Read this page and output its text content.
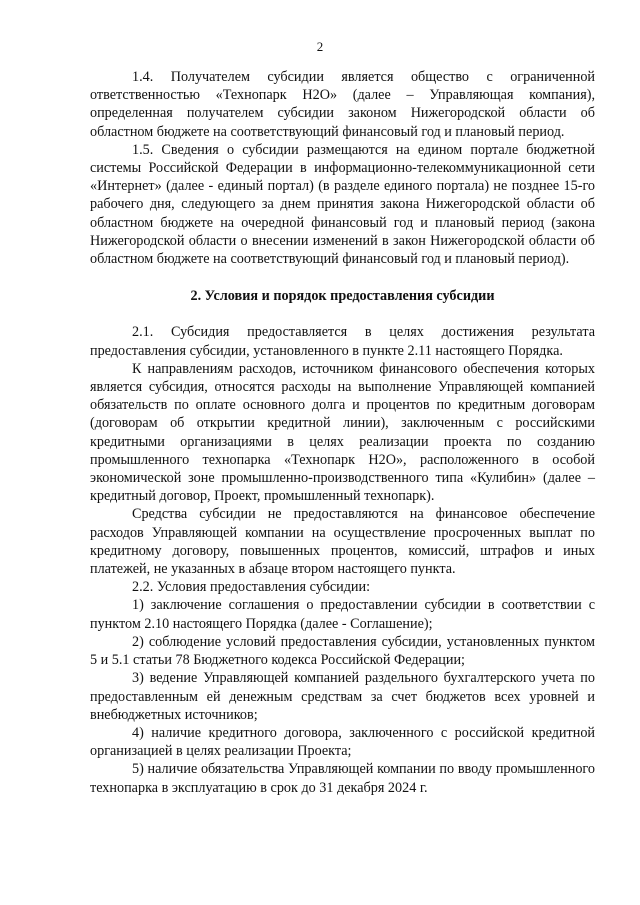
2

1.4. Получателем субсидии является общество с ограниченной ответственностью «Технопарк Н2О» (далее – Управляющая компания), определенная получателем субсидии законом Нижегородской области об областном бюджете на соответствующий финансовый год и плановый период.

1.5. Сведения о субсидии размещаются на едином портале бюджетной системы Российской Федерации в информационно-телекоммуникационной сети «Интернет» (далее - единый портал) (в разделе единого портала) не позднее 15-го рабочего дня, следующего за днем принятия закона Нижегородской области об областном бюджете на очередной финансовый год и плановый период (закона Нижегородской области о внесении изменений в закон Нижегородской области об областном бюджете на соответствующий финансовый год и плановый период).

2. Условия и порядок предоставления субсидии

2.1. Субсидия предоставляется в целях достижения результата предоставления субсидии, установленного в пункте 2.11 настоящего Порядка.

К направлениям расходов, источником финансового обеспечения которых является субсидия, относятся расходы на выполнение Управляющей компанией обязательств по оплате основного долга и процентов по кредитным договорам (договорам об открытии кредитной линии), заключенным с российскими кредитными организациями в целях реализации проекта по созданию промышленного технопарка «Технопарк Н2О», расположенного в особой экономической зоне промышленно-производственного типа «Кулибин» (далее – кредитный договор, Проект, промышленный технопарк).

Средства субсидии не предоставляются на финансовое обеспечение расходов Управляющей компании на осуществление просроченных выплат по кредитному договору, повышенных процентов, комиссий, штрафов и иных платежей, не указанных в абзаце втором настоящего пункта.

2.2. Условия предоставления субсидии:

1) заключение соглашения о предоставлении субсидии в соответствии с пунктом 2.10 настоящего Порядка (далее - Соглашение);

2) соблюдение условий предоставления субсидии, установленных пунктом 5 и 5.1 статьи 78 Бюджетного кодекса Российской Федерации;

3) ведение Управляющей компанией раздельного бухгалтерского учета по предоставленным ей денежным средствам за счет бюджетов всех уровней и внебюджетных источников;

4) наличие кредитного договора, заключенного с российской кредитной организацией в целях реализации Проекта;

5) наличие обязательства Управляющей компании по вводу промышленного технопарка в эксплуатацию в срок до 31 декабря 2024 г.
